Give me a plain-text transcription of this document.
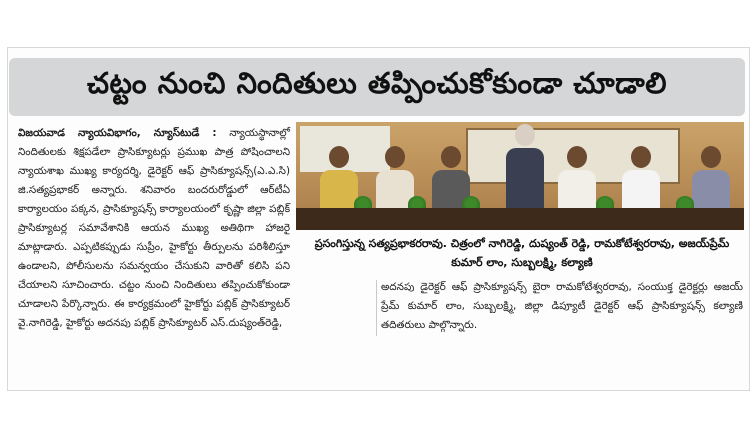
చట్టం నుంచి నిందితులు తప్పించుకోకుండా చూడాలి
విజయవాడ న్యాయవిభాగం, న్యూస్‌టుడే : న్యాయస్థానాల్లో నిందితులకు శిక్షపడేలా ప్రాసిక్యూటర్లు ప్రముఖ పాత్ర పోషించాలని న్యాయశాఖ ముఖ్య కార్యదర్శి, డైరెక్టర్ ఆఫ్ ప్రాసిక్యూషన్స్(ఎ.ఎ.సి) జి.సత్యప్రభాకర్ అన్నారు. శనివారం బందరురోడ్డులో ఆర్‌టీఏ కార్యాలయం పక్కన, ప్రాసిక్యూషన్స్ కార్యాలయంలో కృష్ణా జిల్లా పబ్లిక్ ప్రాసిక్యూటర్ల సమావేశానికి ఆయన ముఖ్య అతిథిగా హాజరై మాట్లాడారు. ఎప్పటికప్పుడు సుప్రీం, హైకోర్టు తీర్పులను పరిశీలిస్తూ ఉండాలని, పోలీసులను సమన్వయం చేసుకుని వారితో కలిసి పని చేయాలని సూచించారు. చట్టం నుంచి నిందితులు తప్పించుకోకుండా చూడాలని పేర్కొన్నారు. ఈ కార్యక్రమంలో హైకోర్టు పబ్లిక్ ప్రాసిక్యూటర్ వై.నాగిరెడ్డి, హైకోర్టు అదనపు పబ్లిక్ ప్రాసిక్యూటర్ ఎస్.దుష్యంత్‌రెడ్డి,
ప్రసంగిస్తున్న సత్యప్రభాకరరావు. చిత్రంలో నాగిరెడ్డి, దుష్యంత్ రెడ్డి, రామకోటేశ్వరరావు, అజయ్‌ప్రేమ్ కుమార్ లాం, సుబ్బలక్ష్మి, కల్యాణి
అదనపు డైరెక్టర్ ఆఫ్ ప్రాసిక్యూషన్స్ బైరా రామకోటేశ్వరరావు, సంయుక్త డైరెక్టర్లు అజయ్ ప్రేమ్ కుమార్ లాం, సుబ్బలక్ష్మి, జిల్లా డిప్యూటీ డైరెక్టర్ ఆఫ్ ప్రాసిక్యూషన్స్ కల్యాణి తదితరులు పాల్గొన్నారు.
